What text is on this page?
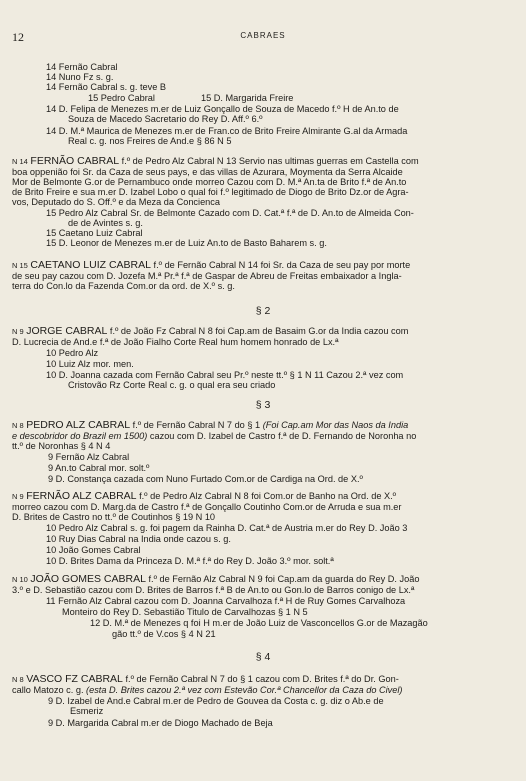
12	CABRAES
14 Fernão Cabral
14 Nuno Fz s. g.
14 Fernão Cabral s. g. teve B
15 Pedro Cabral	15 D. Margarida Freire
14 D. Felipa de Menezes m.er de Luiz Gonçallo de Souza de Macedo f.º H de An.to de
Souza de Macedo Sacretario do Rey D. Aff.º 6.º
14 D. M.ª Maurica de Menezes m.er de Fran.co de Brito Freire Almirante G.al da Armada
Real c. g. nos Freires de And.e § 86 N 5
N 14 FERNÃO CABRAL f.º de Pedro Alz Cabral N 13 Servio nas ultimas guerras em Castella com
boa oppenião foi Sr. da Caza de seus pays, e das villas de Azurara, Moymenta da Serra Alcaide
Mor de Belmonte G.or de Pernambuco onde morreo Cazou com D. M.ª An.ta de Brito f.ª de An.to
de Brito Freire e sua m.er D. Izabel Lobo o qual foi f.º legitimado de Diogo de Brito Dz.or de Agra-
vos, Deputado do S. Off.º e da Meza da Concienca
15 Pedro Alz Cabral Sr. de Belmonte Cazado com D. Cat.ª f.ª de D. An.to de Almeida Con-
de de Avintes s. g.
15 Caetano Luiz Cabral
15 D. Leonor de Menezes m.er de Luiz An.to de Basto Baharem s. g.
N 15 CAETANO LUIZ CABRAL f.º de Fernão Cabral N 14 foi Sr. da Caza de seu pay por morte
de seu pay cazou com D. Jozefa M.ª Pr.ª f.ª de Gaspar de Abreu de Freitas embaixador a Ingla-
terra do Con.lo da Fazenda Com.or da ord. de X.º s. g.
§ 2
N 9 JORGE CABRAL f.º de João Fz Cabral N 8 foi Cap.am de Basaim G.or da India cazou com
D. Lucrecia de And.e f.ª de João Fialho Corte Real hum homem honrado de Lx.ª
10 Pedro Alz
10 Luiz Alz mor. men.
10 D. Joanna cazada com Fernão Cabral seu Pr.º neste tt.º § 1 N 11 Cazou 2.ª vez com
Cristovão Rz Corte Real c. g. o qual era seu criado
§ 3
N 8 PEDRO ALZ CABRAL f.º de Fernão Cabral N 7 do § 1 (Foi Cap.am Mor das Naos da India
e descobridor do Brazil em 1500) cazou com D. Izabel de Castro f.ª de D. Fernando de Noronha no
tt.º de Noronhas § 4 N 4
9 Fernão Alz Cabral
9 An.to Cabral mor. solt.º
9 D. Constança cazada com Nuno Furtado Com.or de Cardiga na Ord. de X.º
N 9 FERNÃO ALZ CABRAL f.º de Pedro Alz Cabral N 8 foi Com.or de Banho na Ord. de X.º
morreo cazou com D. Marg.da de Castro f.ª de Gonçallo Coutinho Com.or de Arruda e sua m.er
D. Brites de Castro no tt.º de Coutinhos § 19 N 10
10 Pedro Alz Cabral s. g. foi pagem da Rainha D. Cat.ª de Austria m.er do Rey D. João 3
10 Ruy Dias Cabral na India onde cazou s. g.
10 João Gomes Cabral
10 D. Brites Dama da Princeza D. M.ª f.ª do Rey D. João 3.º mor. solt.ª
N 10 JOÃO GOMES CABRAL f.º de Fernão Alz Cabral N 9 foi Cap.am da guarda do Rey D. João
3.º e D. Sebastião cazou com D. Brites de Barros f.ª B de An.to ou Gon.lo de Barros conigo de Lx.ª
11 Fernão Alz Cabral cazou com D. Joanna Carvalhoza f.ª H de Ruy Gomes Carvalhoza
Monteiro do Rey D. Sebastião Titulo de Carvalhozas § 1 N 5
12 D. M.ª de Menezes q foi H m.er de João Luiz de Vasconcellos G.or de Mazagão
gão tt.º de V.cos § 4 N 21
§ 4
N 8 VASCO FZ CABRAL f.º de Fernão Cabral N 7 do § 1 cazou com D. Brites f.ª do Dr. Gon-
callo Matozo c. g. (esta D. Brites cazou 2.ª vez com Estevão Cor.ª Chancellor da Caza do Civel)
9 D. Izabel de And.e Cabral m.er de Pedro de Gouvea da Costa c. g. diz o Ab.e de
Esmeriz
9 D. Margarida Cabral m.er de Diogo Machado de Beja
